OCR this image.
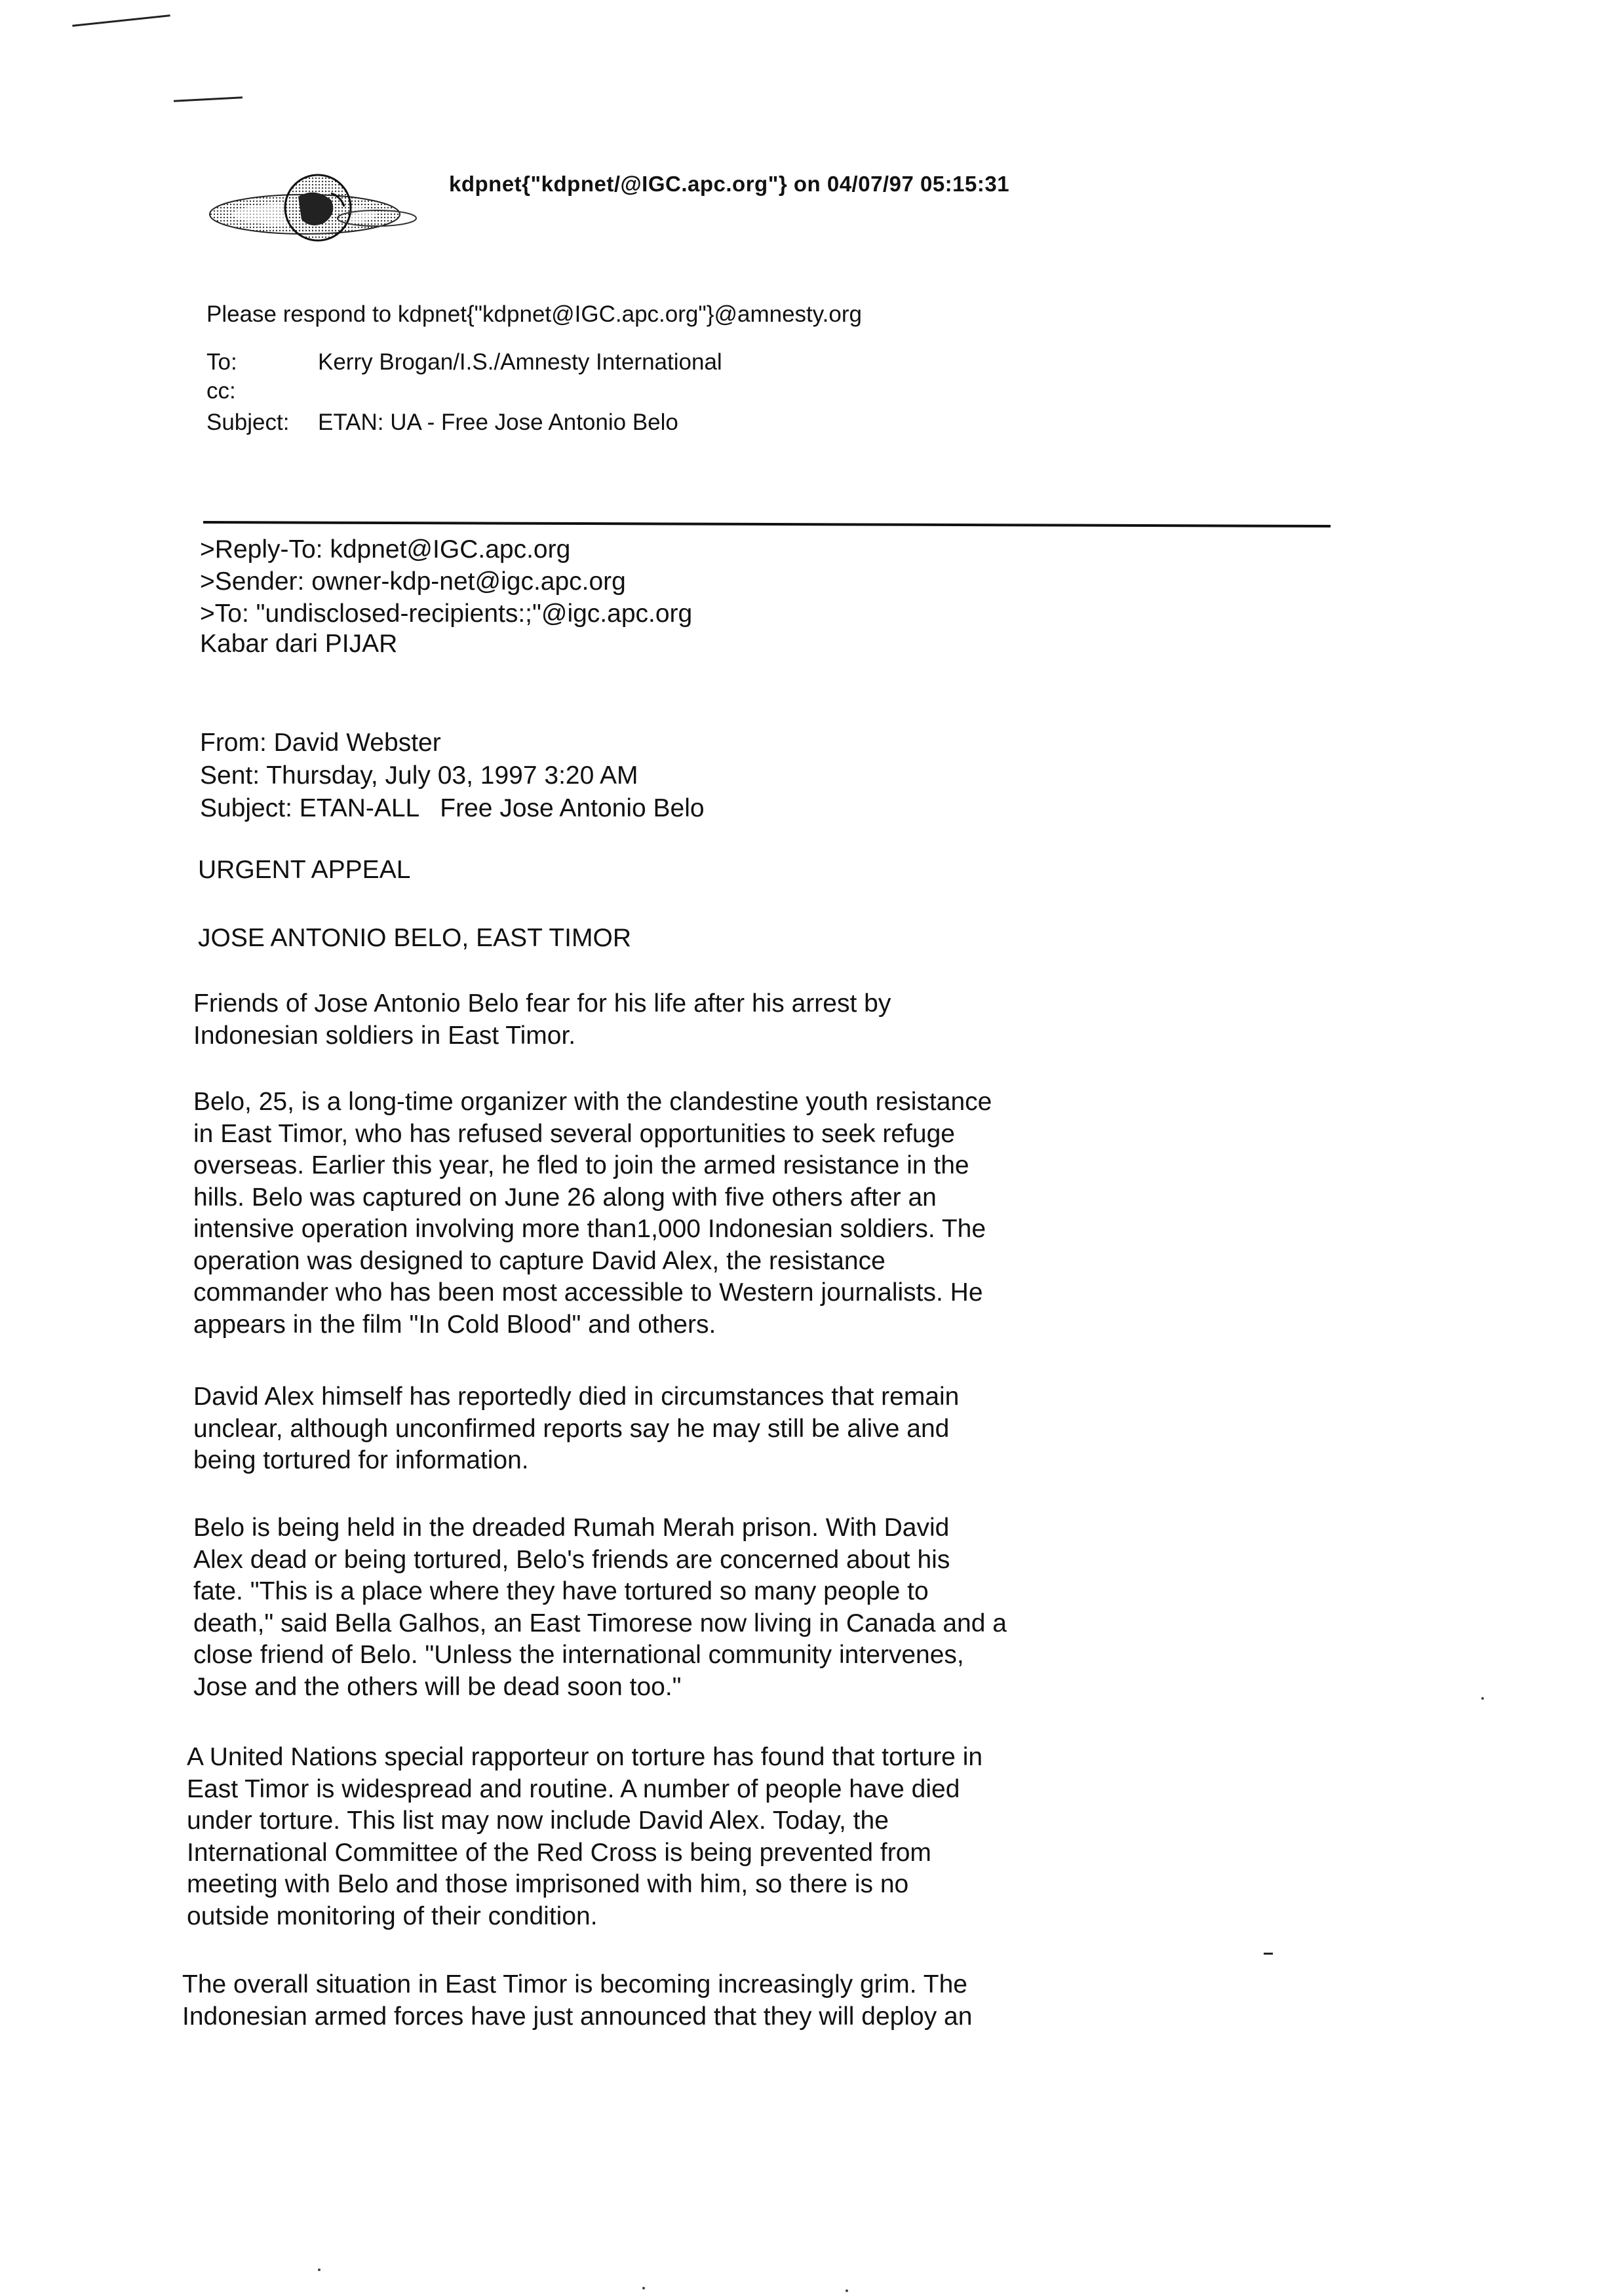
kdpnet{"kdpnet/@IGC.apc.org"} on 04/07/97 05:15:31
Please respond to kdpnet{"kdpnet@IGC.apc.org"}@amnesty.org
To:	Kerry Brogan/I.S./Amnesty International
cc:
Subject: ETAN: UA - Free Jose Antonio Belo
>Reply-To: kdpnet@IGC.apc.org
>Sender: owner-kdp-net@igc.apc.org
>To: "undisclosed-recipients:;"@igc.apc.org
Kabar dari PIJAR
From: David Webster
Sent: Thursday, July 03, 1997 3:20 AM
Subject: ETAN-ALL   Free Jose Antonio Belo
URGENT APPEAL
JOSE ANTONIO BELO, EAST TIMOR
Friends of Jose Antonio Belo fear for his life after his arrest by
Indonesian soldiers in East Timor.
Belo, 25, is a long-time organizer with the clandestine youth resistance
in East Timor, who has refused several opportunities to seek refuge
overseas. Earlier this year, he fled to join the armed resistance in the
hills. Belo was captured on June 26 along with five others after an
intensive operation involving more than1,000 Indonesian soldiers. The
operation was designed to capture David Alex, the resistance
commander who has been most accessible to Western journalists. He
appears in the film "In Cold Blood" and others.
David Alex himself has reportedly died in circumstances that remain
unclear, although unconfirmed reports say he may still be alive and
being tortured for information.
Belo is being held in the dreaded Rumah Merah prison. With David
Alex dead or being tortured, Belo's friends are concerned about his
fate. "This is a place where they have tortured so many people to
death," said Bella Galhos, an East Timorese now living in Canada and a
close friend of Belo. "Unless the international community intervenes,
Jose and the others will be dead soon too."
A United Nations special rapporteur on torture has found that torture in
East Timor is widespread and routine. A number of people have died
under torture. This list may now include David Alex. Today, the
International Committee of the Red Cross is being prevented from
meeting with Belo and those imprisoned with him, so there is no
outside monitoring of their condition.
The overall situation in East Timor is becoming increasingly grim. The
Indonesian armed forces have just announced that they will deploy an
